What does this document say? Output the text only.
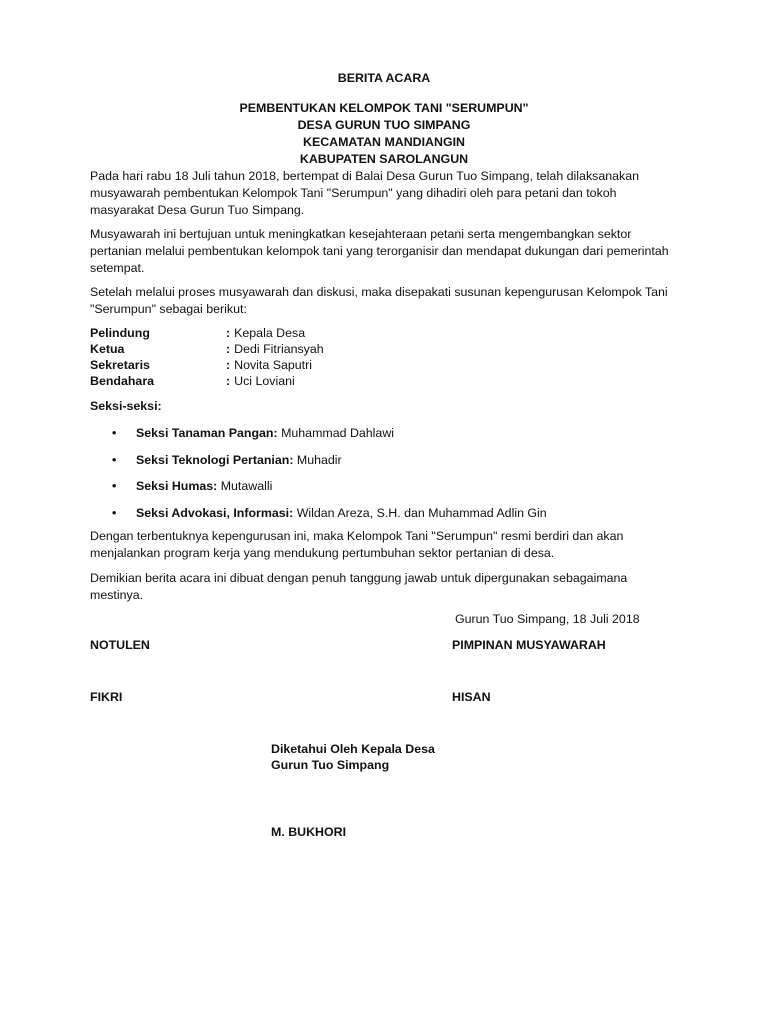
BERITA ACARA
PEMBENTUKAN KELOMPOK TANI "SERUMPUN"
DESA GURUN TUO SIMPANG
KECAMATAN MANDIANGIN
KABUPATEN SAROLANGUN

Pada hari rabu 18 Juli tahun 2018, bertempat di Balai Desa Gurun Tuo Simpang, telah dilaksanakan musyawarah pembentukan Kelompok Tani "Serumpun" yang dihadiri oleh para petani dan tokoh masyarakat Desa Gurun Tuo Simpang.

Musyawarah ini bertujuan untuk meningkatkan kesejahteraan petani serta mengembangkan sektor pertanian melalui pembentukan kelompok tani yang terorganisir dan mendapat dukungan dari pemerintah setempat.

Setelah melalui proses musyawarah dan diskusi, maka disepakati susunan kepengurusan Kelompok Tani "Serumpun" sebagai berikut:

Pelindung	: Kepala Desa
Ketua	: Dedi Fitriansyah
Sekretaris	: Novita Saputri
Bendahara	: Uci Loviani
Seksi-seksi:
• Seksi Tanaman Pangan: Muhammad Dahlawi
• Seksi Teknologi Pertanian: Muhadir
• Seksi Humas: Mutawalli
• Seksi Advokasi, Informasi: Wildan Areza, S.H. dan Muhammad Adlin Gin

Dengan terbentuknya kepengurusan ini, maka Kelompok Tani "Serumpun" resmi berdiri dan akan menjalankan program kerja yang mendukung pertumbuhan sektor pertanian di desa.

Demikian berita acara ini dibuat dengan penuh tanggung jawab untuk dipergunakan sebagaimana mestinya.

Gurun Tuo Simpang, 18 Juli 2018
NOTULEN	PIMPINAN MUSYAWARAH
FIKRI	HISAN
Diketahui Oleh Kepala Desa
Gurun Tuo Simpang
M. BUKHORI
